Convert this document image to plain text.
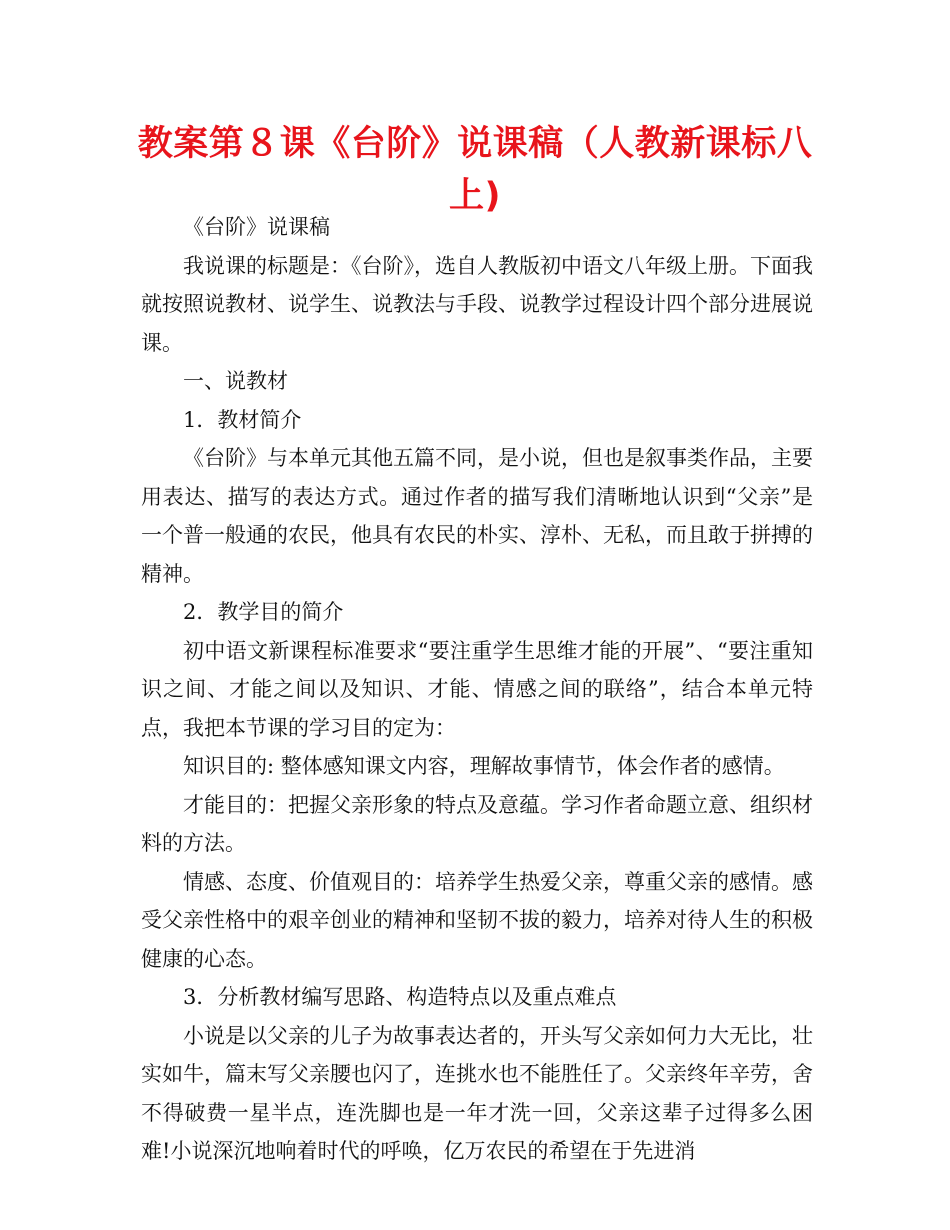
教案第８课《台阶》说课稿（人教新课标八上)

《台阶》说课稿

我说课的标题是：《台阶》，选自人教版初中语文八年级上册。下面我就按照说教材、说学生、说教法与手段、说教学过程设计四个部分进展说课。

一、说教材

1．教材简介

《台阶》与本单元其他五篇不同，是小说，但也是叙事类作品，主要用表达、描写的表达方式。通过作者的描写我们清晰地认识到“父亲”是一个普一般通的农民，他具有农民的朴实、淳朴、无私，而且敢于拼搏的精神。

2．教学目的简介

初中语文新课程标准要求“要注重学生思维才能的开展”、“要注重知识之间、才能之间以及知识、才能、情感之间的联络”，结合本单元特点，我把本节课的学习目的定为：

知识目的: 整体感知课文内容，理解故事情节，体会作者的感情。

才能目的：把握父亲形象的特点及意蕴。学习作者命题立意、组织材料的方法。

情感、态度、价值观目的：培养学生热爱父亲，尊重父亲的感情。感受父亲性格中的艰辛创业的精神和坚韧不拔的毅力，培养对待人生的积极健康的心态。

3．分析教材编写思路、构造特点以及重点难点

小说是以父亲的儿子为故事表达者的，开头写父亲如何力大无比，壮实如牛，篇末写父亲腰也闪了，连挑水也不能胜任了。父亲终年辛劳，舍不得破费一星半点，连洗脚也是一年才洗一回，父亲这辈子过得多么困难!小说深沉地响着时代的呼唤，亿万农民的希望在于先进消
